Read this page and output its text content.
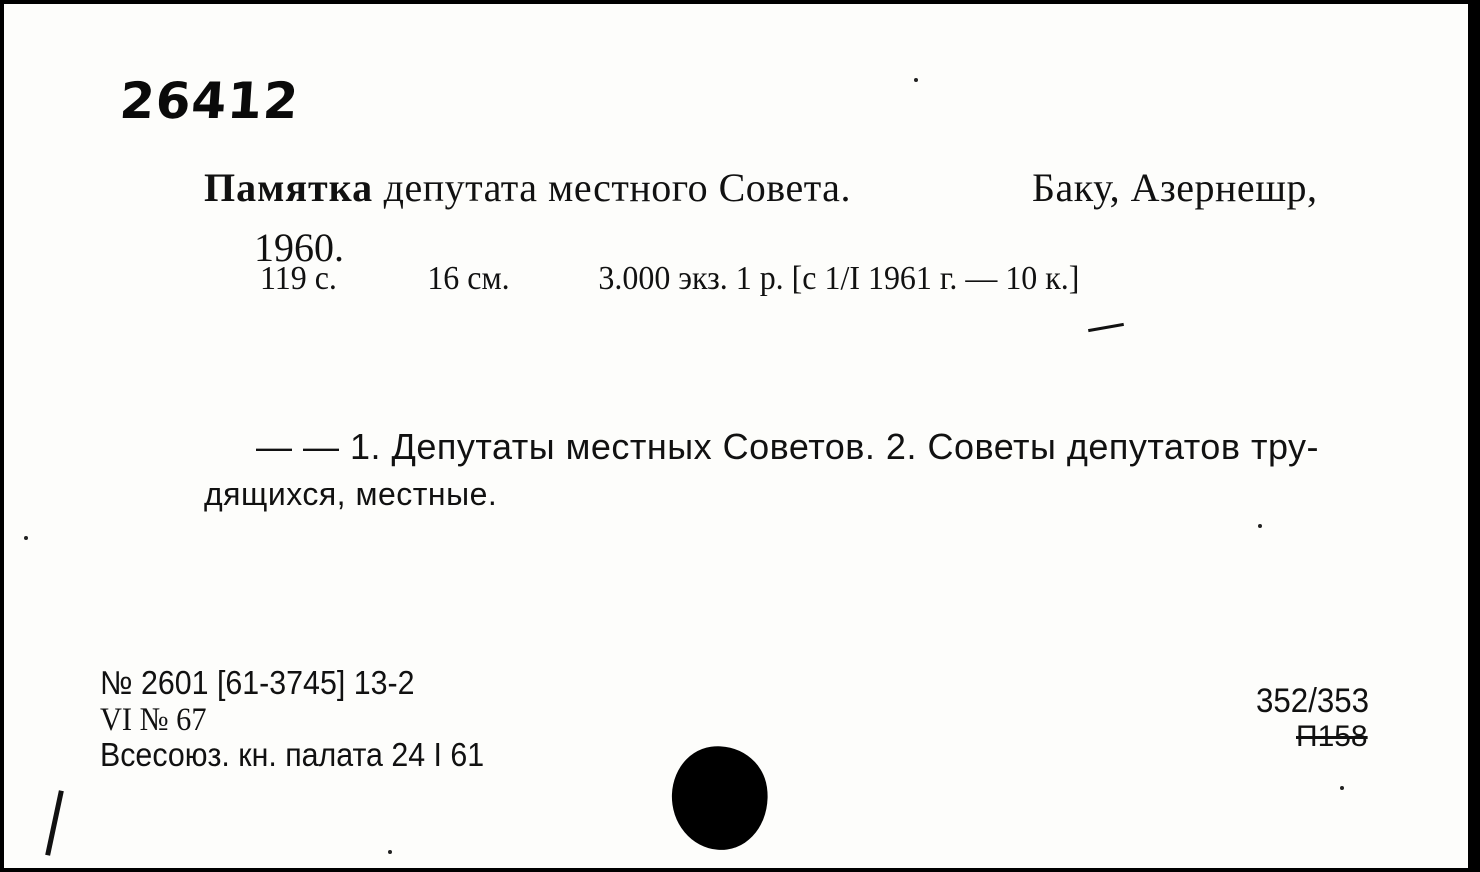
26412
Памятка депутата местного Совета.	Баку, Азернешр,
1960.
119 с.	16 см.	3.000 экз. 1 р. [с 1/I 1961 г. — 10 к.]
— — 1. Депутаты местных Советов. 2. Советы депутатов тру-
дящихся, местные.
№ 2601 [61-3745] 13-2
VI № 67
Всесоюз. кн. палата 24 I 61
352/353
П158
